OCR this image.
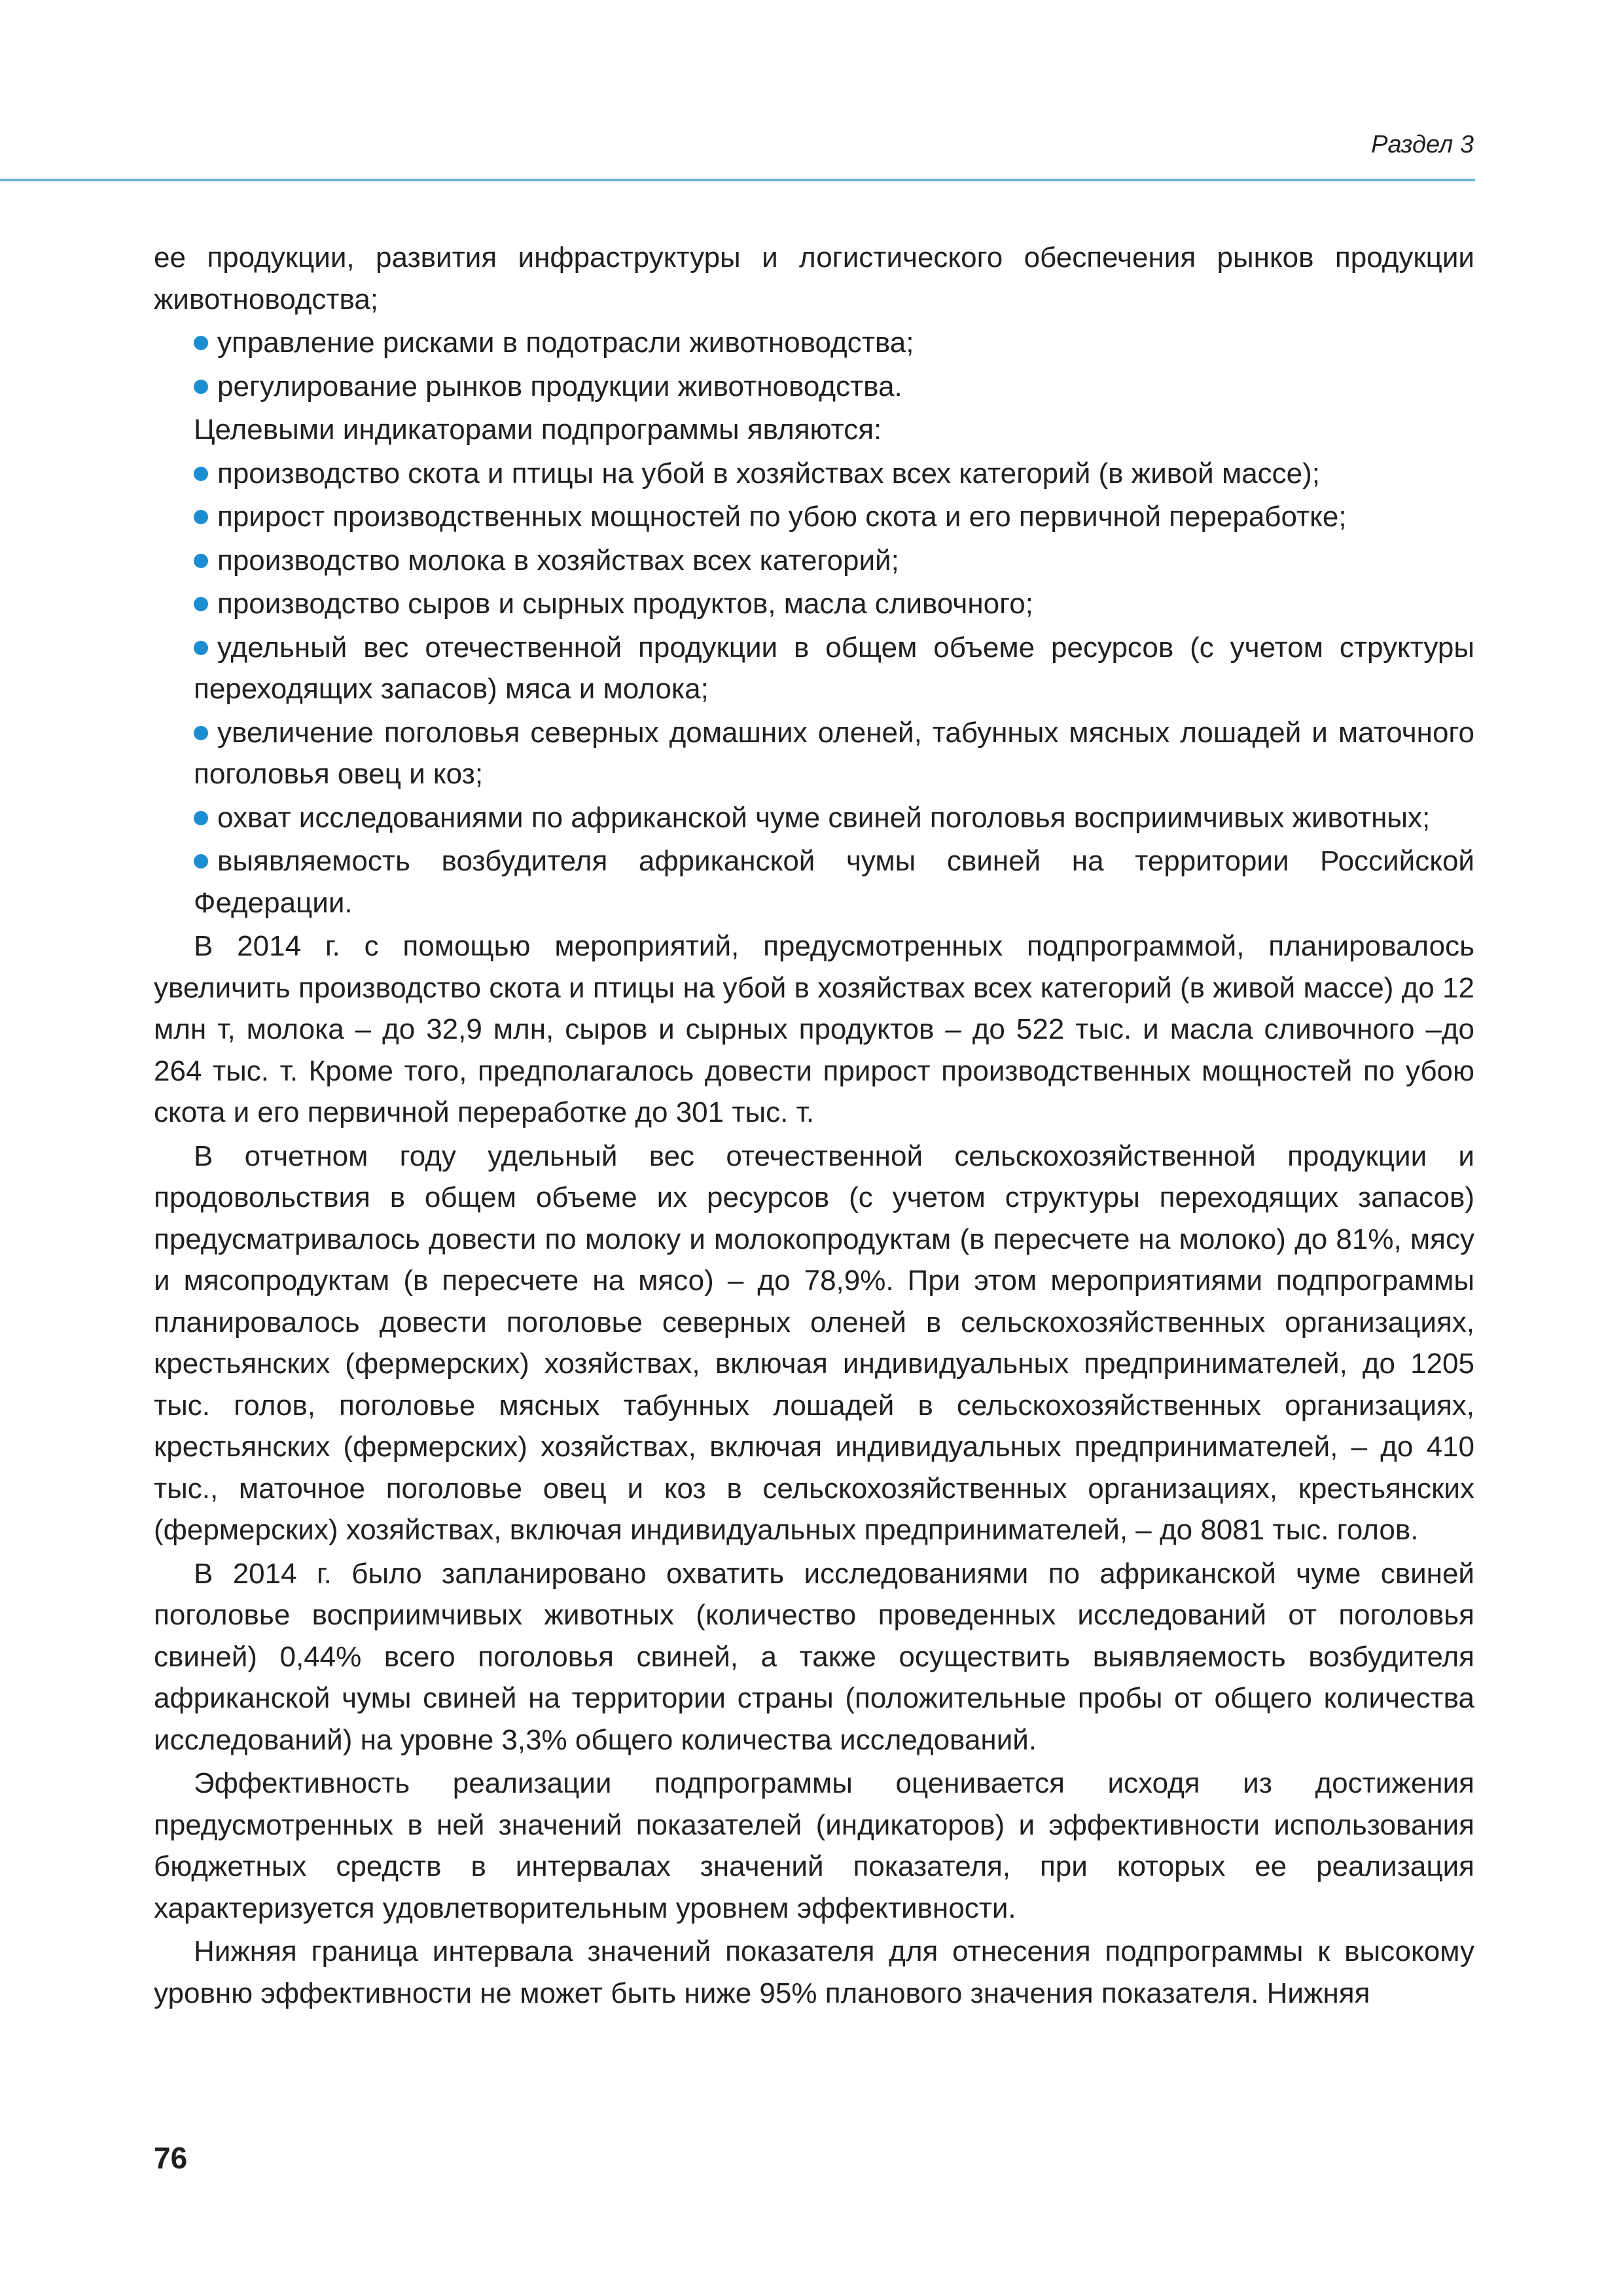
Раздел 3

ее продукции, развития инфраструктуры и логистического обеспечения рынков продукции животноводства;

управление рисками в подотрасли животноводства;
регулирование рынков продукции животноводства.

Целевыми индикаторами подпрограммы являются:

производство скота и птицы на убой в хозяйствах всех категорий (в живой массе);
прирост производственных мощностей по убою скота и его первичной переработке;
производство молока в хозяйствах всех категорий;
производство сыров и сырных продуктов, масла сливочного;
удельный вес отечественной продукции в общем объеме ресурсов (с учетом структуры переходящих запасов) мяса и молока;
увеличение поголовья северных домашних оленей, табунных мясных лошадей и маточного поголовья овец и коз;
охват исследованиями по африканской чуме свиней поголовья восприимчивых животных;
выявляемость возбудителя африканской чумы свиней на территории Российской Федерации.

В 2014 г. с помощью мероприятий, предусмотренных подпрограммой, планировалось увеличить производство скота и птицы на убой в хозяйствах всех категорий (в живой массе) до 12 млн т, молока – до 32,9 млн, сыров и сырных продуктов – до 522 тыс. и масла сливочного –до 264 тыс. т. Кроме того, предполагалось довести прирост производственных мощностей по убою скота и его первичной переработке до 301 тыс. т.

В отчетном году удельный вес отечественной сельскохозяйственной продукции и продовольствия в общем объеме их ресурсов (с учетом структуры переходящих запасов) предусматривалось довести по молоку и молокопродуктам (в пересчете на молоко) до 81%, мясу и мясопродуктам (в пересчете на мясо) – до 78,9%. При этом мероприятиями подпрограммы планировалось довести поголовье северных оленей в сельскохозяйственных организациях, крестьянских (фермерских) хозяйствах, включая индивидуальных предпринимателей, до 1205 тыс. голов, поголовье мясных табунных лошадей в сельскохозяйственных организациях, крестьянских (фермерских) хозяйствах, включая индивидуальных предпринимателей, – до 410 тыс., маточное поголовье овец и коз в сельскохозяйственных организациях, крестьянских (фермерских) хозяйствах, включая индивидуальных предпринимателей, – до 8081 тыс. голов.

В 2014 г. было запланировано охватить исследованиями по африканской чуме свиней поголовье восприимчивых животных (количество проведенных исследований от поголовья свиней) 0,44% всего поголовья свиней, а также осуществить выявляемость возбудителя африканской чумы свиней на территории страны (положительные пробы от общего количества исследований) на уровне 3,3% общего количества исследований.

Эффективность реализации подпрограммы оценивается исходя из достижения предусмотренных в ней значений показателей (индикаторов) и эффективности использования бюджетных средств в интервалах значений показателя, при которых ее реализация характеризуется удовлетворительным уровнем эффективности.

Нижняя граница интервала значений показателя для отнесения подпрограммы к высокому уровню эффективности не может быть ниже 95% планового значения показателя. Нижняя

76
